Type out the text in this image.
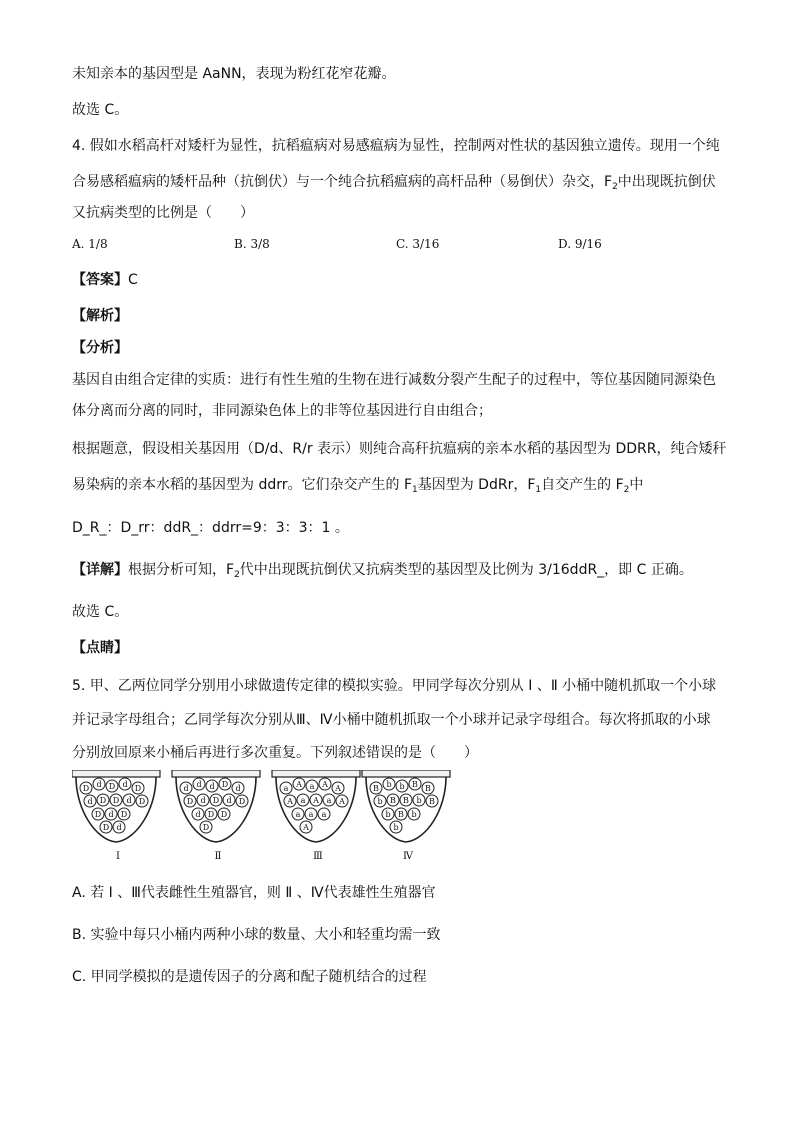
未知亲本的基因型是 AaNN，表现为粉红花窄花瓣。
故选 C。
4. 假如水稻高杆对矮杆为显性，抗稻瘟病对易感瘟病为显性，控制两对性状的基因独立遗传。现用一个纯
合易感稻瘟病的矮杆品种（抗倒伏）与一个纯合抗稻瘟病的高杆品种（易倒伏）杂交，$F_2$中出现既抗倒伏
又抗病类型的比例是（　　）
A. 1/8	B. 3/8	C. 3/16	D. 9/16
【答案】C
【解析】
【分析】
基因自由组合定律的实质：进行有性生殖的生物在进行减数分裂产生配子的过程中，等位基因随同源染色
体分离而分离的同时，非同源染色体上的非等位基因进行自由组合；
根据题意，假设相关基因用（D/d、R/r 表示）则纯合高秆抗瘟病的亲本水稻的基因型为 DDRR，纯合矮秆
易染病的亲本水稻的基因型为 ddrr。它们杂交产生的 $F_1$基因型为 DdRr，$F_1$自交产生的 $F_2$中
D_R_：D_rr：ddR_：ddrr=9：3：3：1 。
【详解】根据分析可知，$F_2$代中出现既抗倒伏又抗病类型的基因型及比例为 3/16ddR_，即 C 正确。
故选 C。
【点睛】
5. 甲、乙两位同学分别用小球做遗传定律的模拟实验。甲同学每次分别从 Ⅰ 、Ⅱ 小桶中随机抓取一个小球
并记录字母组合；乙同学每次分别从Ⅲ、Ⅳ小桶中随机抓取一个小球并记录字母组合。每次将抓取的小球
分别放回原来小桶后再进行多次重复。下列叙述错误的是（　　）
D d D d D
d D D d D
D d D
D d
Ⅰ
d d d D d
D d D d D
d D D
D
Ⅱ
a A a A A
A a A a A
a a a
A
Ⅲ
B b b B B
b B B b B
b B b
b
Ⅳ
A. 若 Ⅰ 、Ⅲ代表雌性生殖器官，则 Ⅱ 、Ⅳ代表雄性生殖器官
B. 实验中每只小桶内两种小球的数量、大小和轻重均需一致
C. 甲同学模拟的是遗传因子的分离和配子随机结合的过程
